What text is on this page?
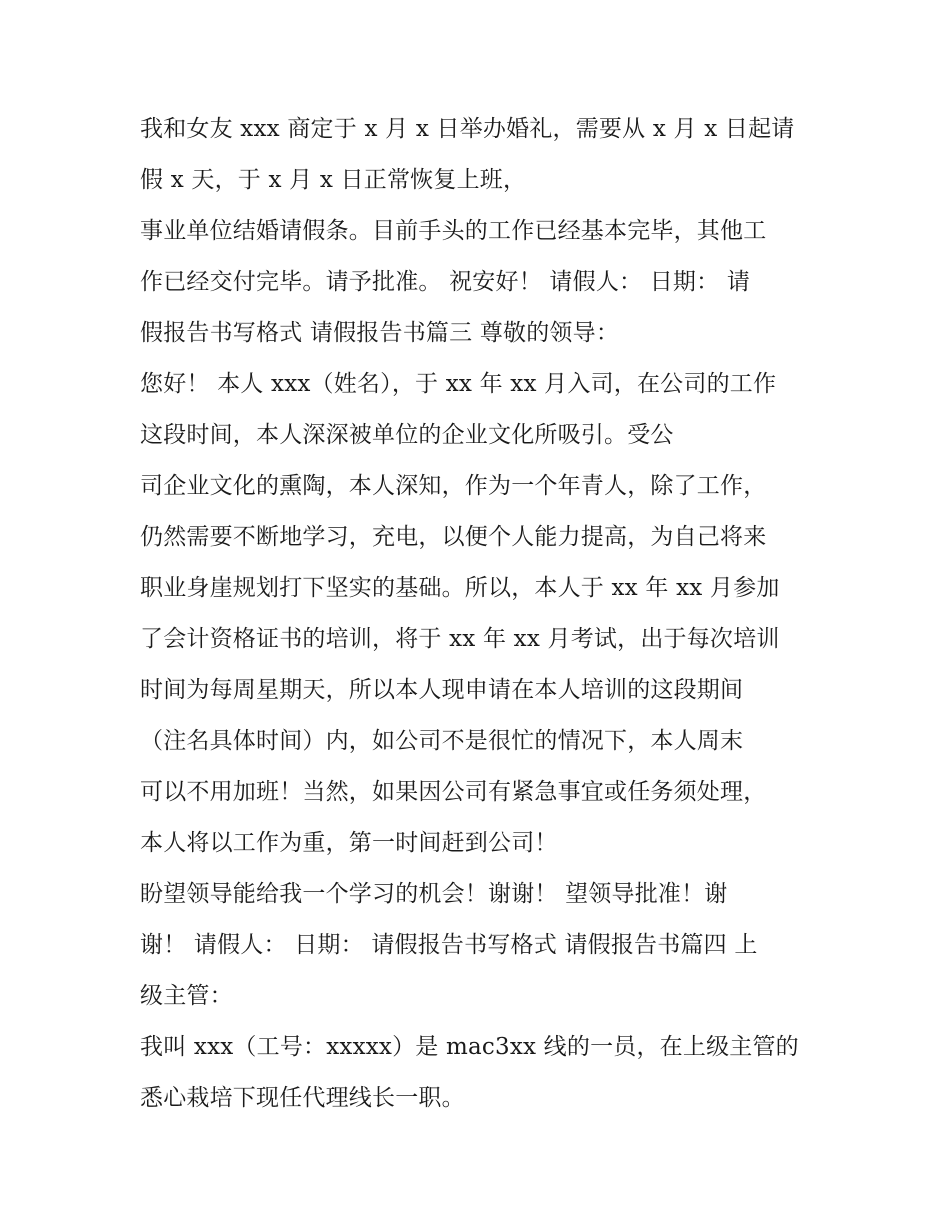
我和女友 xxx 商定于 x 月 x 日举办婚礼，需要从 x 月 x 日起请
假 x 天，于 x 月 x 日正常恢复上班，
事业单位结婚请假条。目前手头的工作已经基本完毕，其他工
作已经交付完毕。请予批准。 祝安好！ 请假人： 日期： 请
假报告书写格式 请假报告书篇三 尊敬的领导：
您好！ 本人 xxx（姓名），于 xx 年 xx 月入司，在公司的工作
这段时间，本人深深被单位的企业文化所吸引。受公
司企业文化的熏陶，本人深知，作为一个年青人，除了工作，
仍然需要不断地学习，充电，以便个人能力提高，为自己将来
职业身崖规划打下坚实的基础。所以，本人于 xx 年 xx 月参加
了会计资格证书的培训，将于 xx 年 xx 月考试，出于每次培训
时间为每周星期天，所以本人现申请在本人培训的这段期间
（注名具体时间）内，如公司不是很忙的情况下，本人周末
可以不用加班！当然，如果因公司有紧急事宜或任务须处理，
本人将以工作为重，第一时间赶到公司！
盼望领导能给我一个学习的机会！谢谢！ 望领导批准！谢
谢！ 请假人： 日期： 请假报告书写格式 请假报告书篇四 上
级主管：
我叫 xxx（工号：xxxxx）是 mac3xx 线的一员，在上级主管的
悉心栽培下现任代理线长一职。
